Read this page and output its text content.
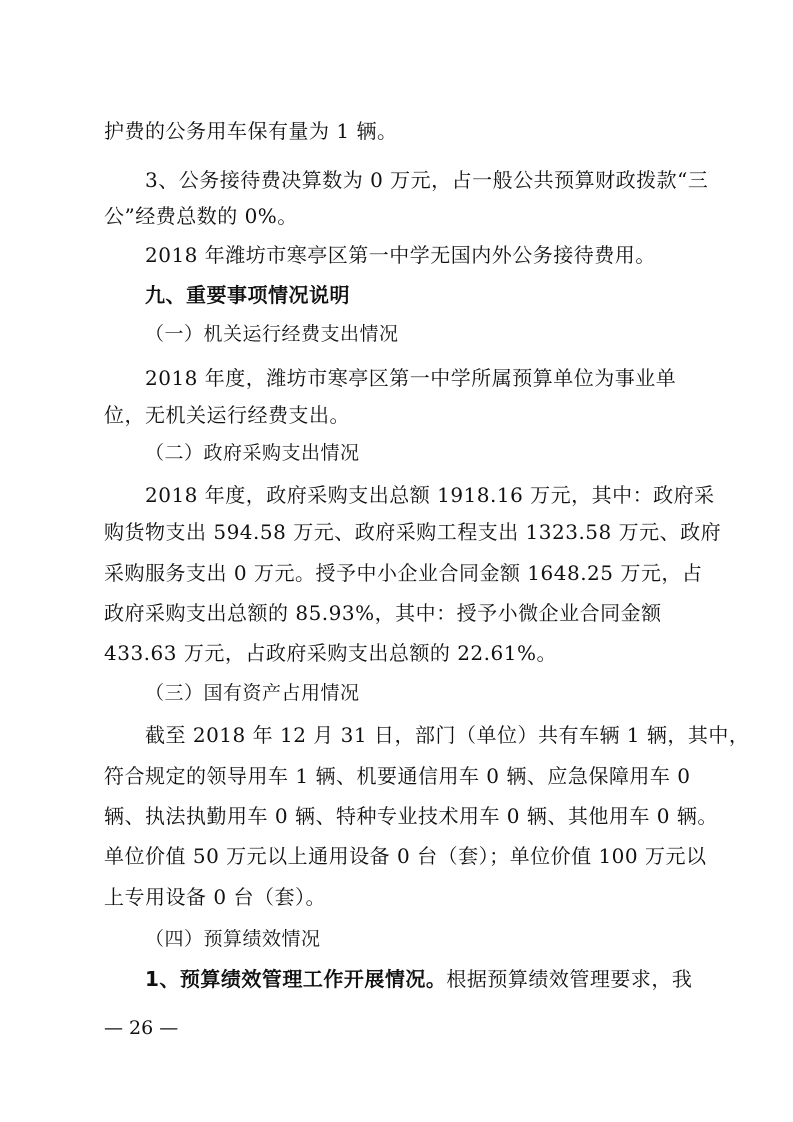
护费的公务用车保有量为 1 辆。
3、公务接待费决算数为 0 万元，占一般公共预算财政拨款“三
公”经费总数的 0%。
2018 年潍坊市寒亭区第一中学无国内外公务接待费用。
九、重要事项情况说明
（一）机关运行经费支出情况
2018 年度，潍坊市寒亭区第一中学所属预算单位为事业单
位，无机关运行经费支出。
（二）政府采购支出情况
2018 年度，政府采购支出总额 1918.16 万元，其中：政府采
购货物支出 594.58 万元、政府采购工程支出 1323.58 万元、政府
采购服务支出 0 万元。授予中小企业合同金额 1648.25 万元，占
政府采购支出总额的 85.93%，其中：授予小微企业合同金额
433.63 万元，占政府采购支出总额的 22.61%。
（三）国有资产占用情况
截至 2018 年 12 月 31 日，部门（单位）共有车辆 1 辆，其中，
符合规定的领导用车 1 辆、机要通信用车 0 辆、应急保障用车 0
辆、执法执勤用车 0 辆、特种专业技术用车 0 辆、其他用车 0 辆。
单位价值 50 万元以上通用设备 0 台（套）；单位价值 100 万元以
上专用设备 0 台（套）。
（四）预算绩效情况
1、预算绩效管理工作开展情况。根据预算绩效管理要求，我
— 26 —
